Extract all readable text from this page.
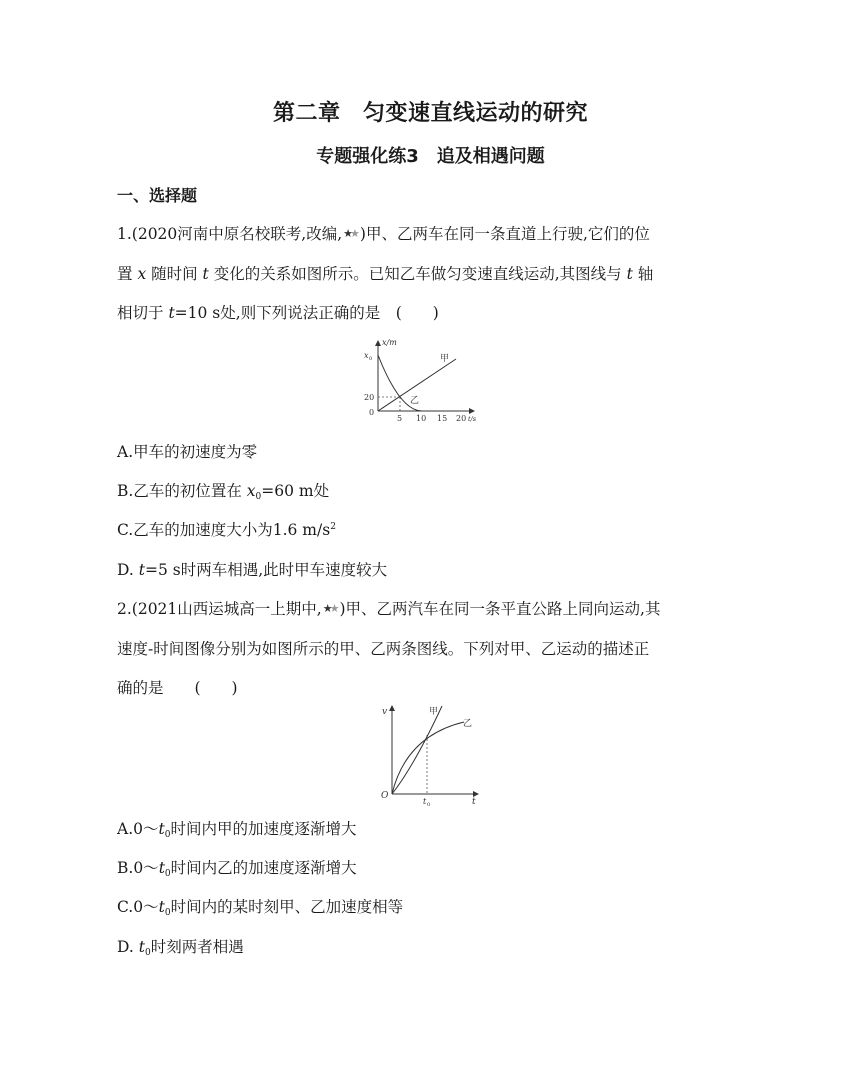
第二章　匀变速直线运动的研究
专题强化练3　追及相遇问题
一、选择题
1.(2020河南中原名校联考,改编,★★ )甲、乙两车在同一条直道上行驶,它们的位
置 x 随时间 t 变化的关系如图所示。已知乙车做匀变速直线运动,其图线与 t 轴
相切于 t=10 s处,则下列说法正确的是　(　　)
x/m
x 0
20
0
5 10 15 20 t/s
甲
乙
A.甲车的初速度为零
B.乙车的初位置在 $x_0=60$ m处
C.乙车的加速度大小为1.6 $m/s^2$
D. t=5 s时两车相遇,此时甲车速度较大
2.(2021山西运城高一上期中,★★ )甲、乙两汽车在同一条平直公路上同向运动,其
速度-时间图像分别为如图所示的甲、乙两条图线。下列对甲、乙运动的描述正
确的是　　(　　)
v
O
t
t 0
甲
乙
$A.0\sim t_0$时间内甲的加速度逐渐增大
$B.0\sim t_0$时间内乙的加速度逐渐增大
$C.0\sim t_0$时间内的某时刻甲、乙加速度相等
D. $t_0$时刻两者相遇
